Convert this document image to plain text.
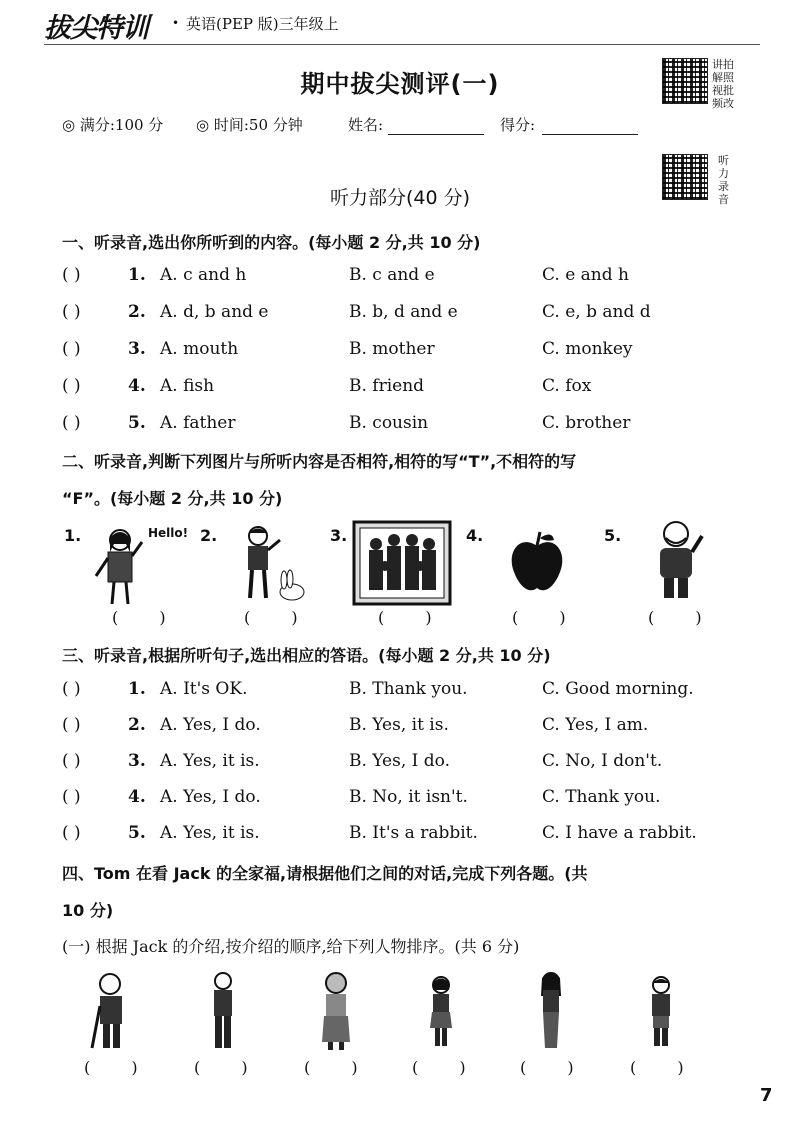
拔尖特训 • 英语(PEP 版)三年级上
讲拍解照视批频改
期中拔尖测评(一)
◎ 满分:100 分 ◎ 时间:50 分钟	姓名:	得分:
听力录音
听力部分(40 分)
一、听录音,选出你所听到的内容。(每小题 2 分,共 10 分)
( )	1. A. c and h	B. c and e	C. e and h
( )	2. A. d, b and e	B. b, d and e	C. e, b and d
( )	3. A. mouth	B. mother	C. monkey
( )	4. A. fish	B. friend	C. fox
( )	5. A. father	B. cousin	C. brother
二、听录音,判断下列图片与所听内容是否相符,相符的写“T”,不相符的写
“F”。(每小题 2 分,共 10 分)
1.	Hello!
( )
2.
( )
3.
( )
4.
( )
5.
( )
三、听录音,根据所听句子,选出相应的答语。(每小题 2 分,共 10 分)
( )	1. A. It's OK.	B. Thank you.	C. Good morning.
( )	2. A. Yes, I do.	B. Yes, it is.	C. Yes, I am.
( )	3. A. Yes, it is.	B. Yes, I do.	C. No, I don't.
( )	4. A. Yes, I do.	B. No, it isn't.	C. Thank you.
( )	5. A. Yes, it is.	B. It's a rabbit.	C. I have a rabbit.
四、Tom 在看 Jack 的全家福,请根据他们之间的对话,完成下列各题。(共
10 分)
(一) 根据 Jack 的介绍,按介绍的顺序,给下列人物排序。(共 6 分)
( ) ( ) ( ) ( ) ( ) ( )
7
